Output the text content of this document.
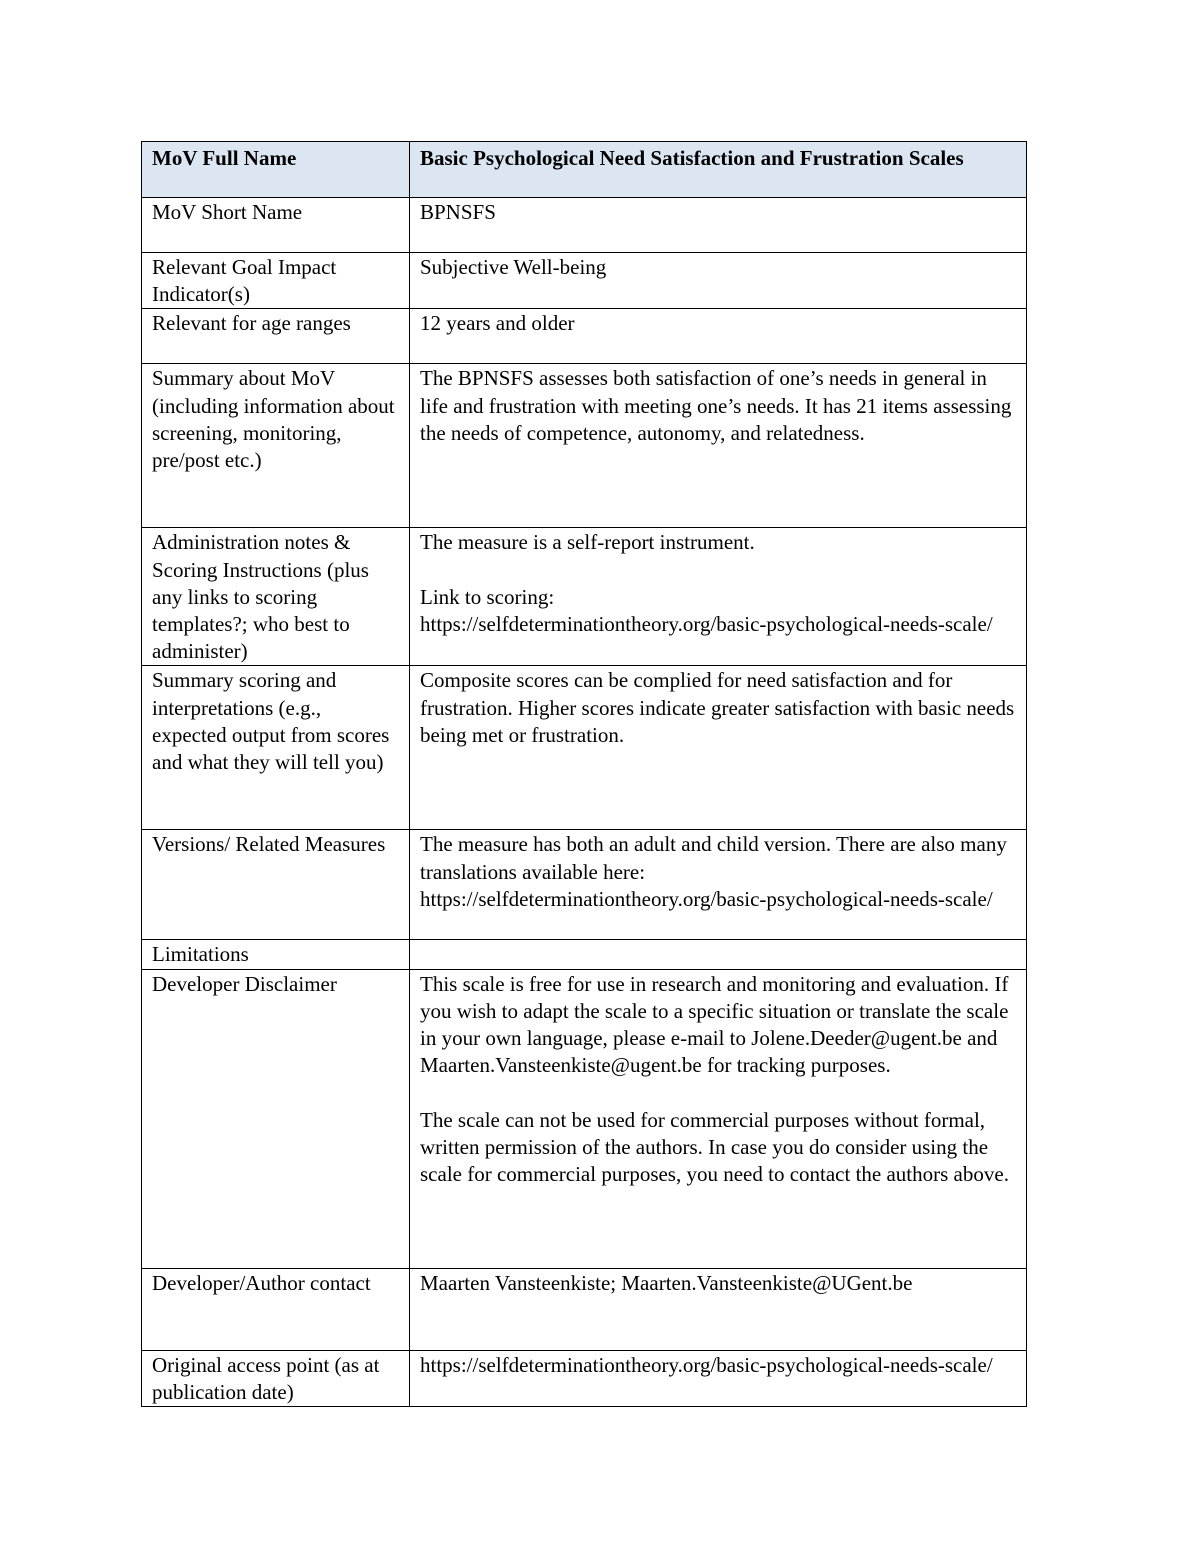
MoV Full Name	Basic Psychological Need Satisfaction and Frustration Scales
MoV Short Name	BPNSFS
Relevant Goal Impact Indicator(s)	Subjective Well-being
Relevant for age ranges	12 years and older
Summary about MoV (including information about screening, monitoring, pre/post etc.)	The BPNSFS assesses both satisfaction of one’s needs in general in life and frustration with meeting one’s needs. It has 21 items assessing the needs of competence, autonomy, and relatedness.
Administration notes & Scoring Instructions (plus any links to scoring templates?; who best to administer)	The measure is a self-report instrument.
Link to scoring:
https://selfdeterminationtheory.org/basic-psychological-needs-scale/
Summary scoring and interpretations (e.g., expected output from scores and what they will tell you)	Composite scores can be complied for need satisfaction and for frustration. Higher scores indicate greater satisfaction with basic needs being met or frustration.
Versions/ Related Measures	The measure has both an adult and child version. There are also many translations available here:
https://selfdeterminationtheory.org/basic-psychological-needs-scale/
Limitations	
Developer Disclaimer	This scale is free for use in research and monitoring and evaluation. If you wish to adapt the scale to a specific situation or translate the scale in your own language, please e-mail to Jolene.Deeder@ugent.be and Maarten.Vansteenkiste@ugent.be for tracking purposes.
The scale can not be used for commercial purposes without formal, written permission of the authors. In case you do consider using the scale for commercial purposes, you need to contact the authors above.
Developer/Author contact	Maarten Vansteenkiste; Maarten.Vansteenkiste@UGent.be
Original access point (as at publication date)	https://selfdeterminationtheory.org/basic-psychological-needs-scale/
